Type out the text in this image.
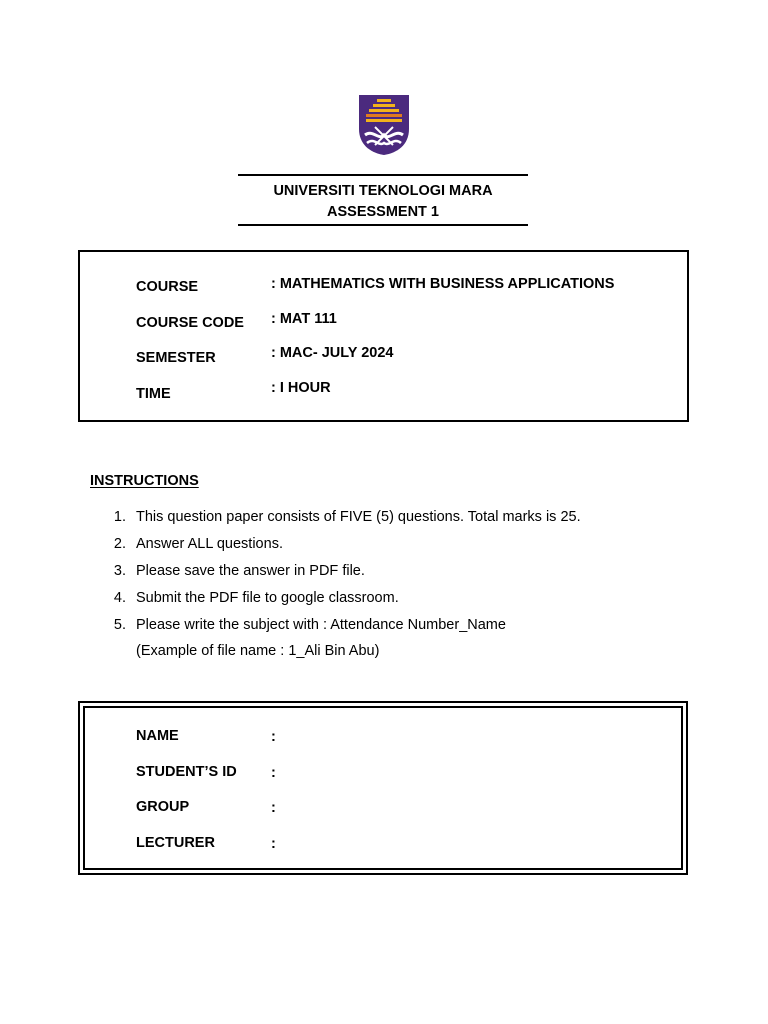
UNIVERSITI TEKNOLOGI MARA
ASSESSMENT 1
COURSE	: MATHEMATICS WITH BUSINESS APPLICATIONS
COURSE CODE : MAT 111
SEMESTER	: MAC- JULY 2024
TIME	: I HOUR
INSTRUCTIONS
1. This question paper consists of FIVE (5) questions. Total marks is 25.
2. Answer ALL questions.
3. Please save the answer in PDF file.
4. Submit the PDF file to google classroom.
5. Please write the subject with : Attendance Number_Name
(Example of file name : 1_Ali Bin Abu)
NAME	:
STUDENT’S ID :
GROUP	:
LECTURER	:
